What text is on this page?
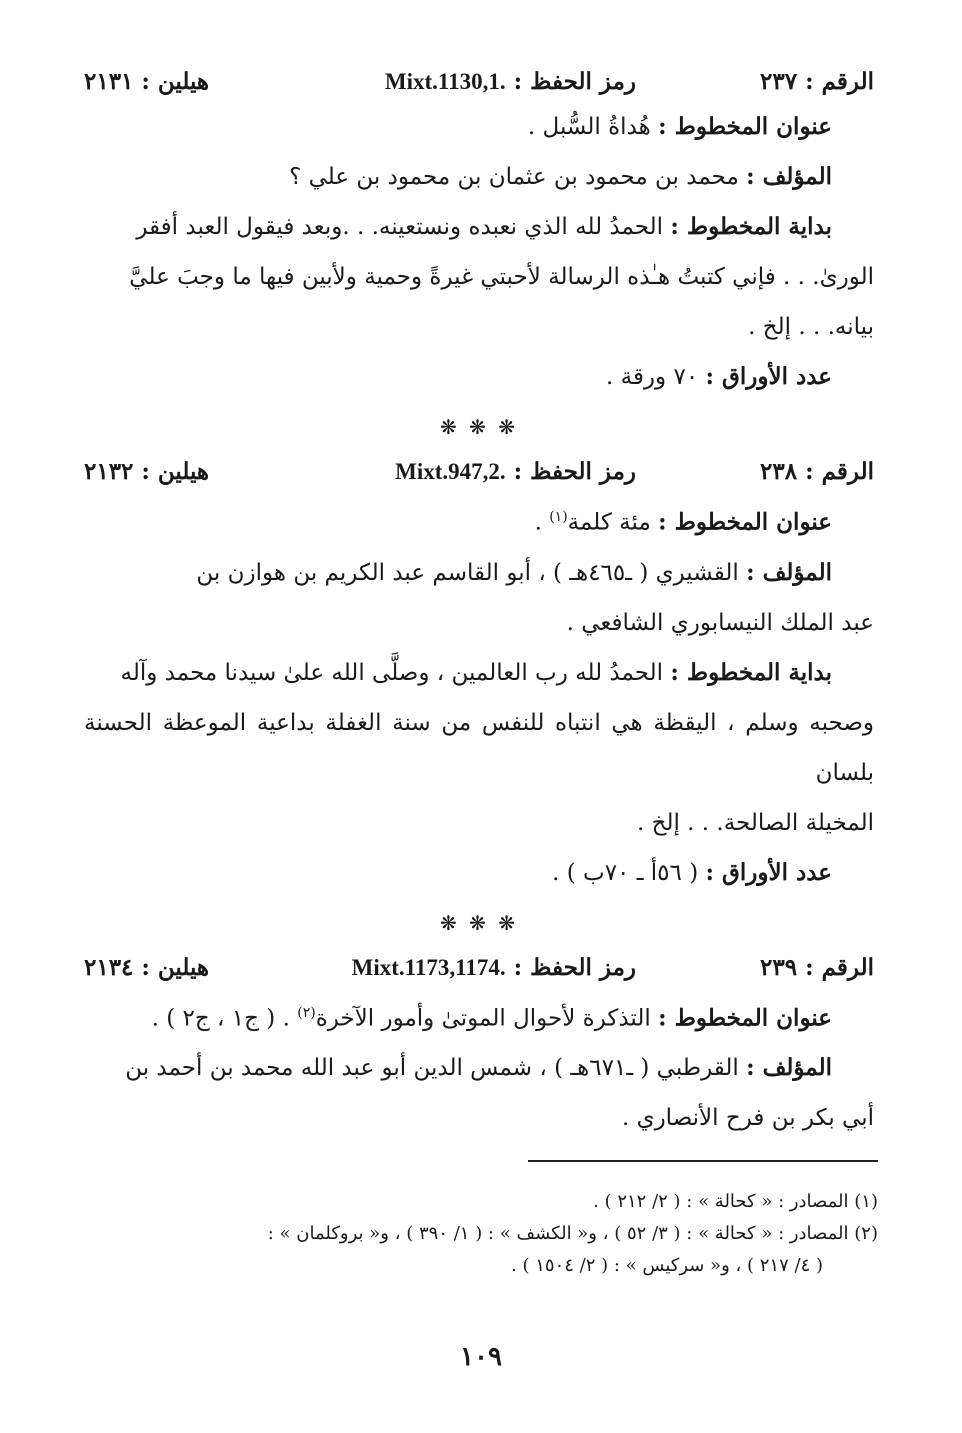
الرقم : ٢٣٧
رمز الحفظ : Mixt.1130,1.
هيلين : ٢١٣١
عنوان المخطوط : هُداةُ السُّبل .
المؤلف : محمد بن محمود بن عثمان بن محمود بن علي ؟
بداية المخطوط : الحمدُ لله الذي نعبده ونستعينه. . .وبعد فيقول العبد أفقر
الورىٰ. . . فإني كتبتُ هـٰذه الرسالة لأحبتي غيرةً وحمية ولأبين فيها ما وجبَ عليَّ
بيانه. . . إلخ .
عدد الأوراق : ٧٠ ورقة .
❋ ❋ ❋
الرقم : ٢٣٨
رمز الحفظ : Mixt.947,2.
هيلين : ٢١٣٢
عنوان المخطوط : مئة كلمة$^{(١)}$ .
المؤلف : القشيري ( ـ٤٦٥هـ ) ، أبو القاسم عبد الكريم بن هوازن بن
عبد الملك النيسابوري الشافعي .
بداية المخطوط : الحمدُ لله رب العالمين ، وصلَّى الله علىٰ سيدنا محمد وآله
وصحبه وسلم ، اليقظة هي انتباه للنفس من سنة الغفلة بداعية الموعظة الحسنة بلسان
المخيلة الصالحة. . . إلخ .
عدد الأوراق : ( ٥٦أ ـ ٧٠ب ) .
❋ ❋ ❋
الرقم : ٢٣٩
رمز الحفظ : Mixt.1173,1174.
هيلين : ٢١٣٤
عنوان المخطوط : التذكرة لأحوال الموتىٰ وأمور الآخرة$^{(٢)}$ . ( ج١ ، ج٢ ) .
المؤلف : القرطبي ( ـ٦٧١هـ ) ، شمس الدين أبو عبد الله محمد بن أحمد بن
أبي بكر بن فرح الأنصاري .
(١) المصادر : « كحالة » : ( ٢/ ٢١٢ ) .
(٢) المصادر : « كحالة » : ( ٣/ ٥٢ ) ، و« الكشف » : ( ١/ ٣٩٠ ) ، و« بروكلمان » :
( ٤/ ٢١٧ ) ، و« سركيس » : ( ٢/ ١٥٠٤ ) .
١٠٩
